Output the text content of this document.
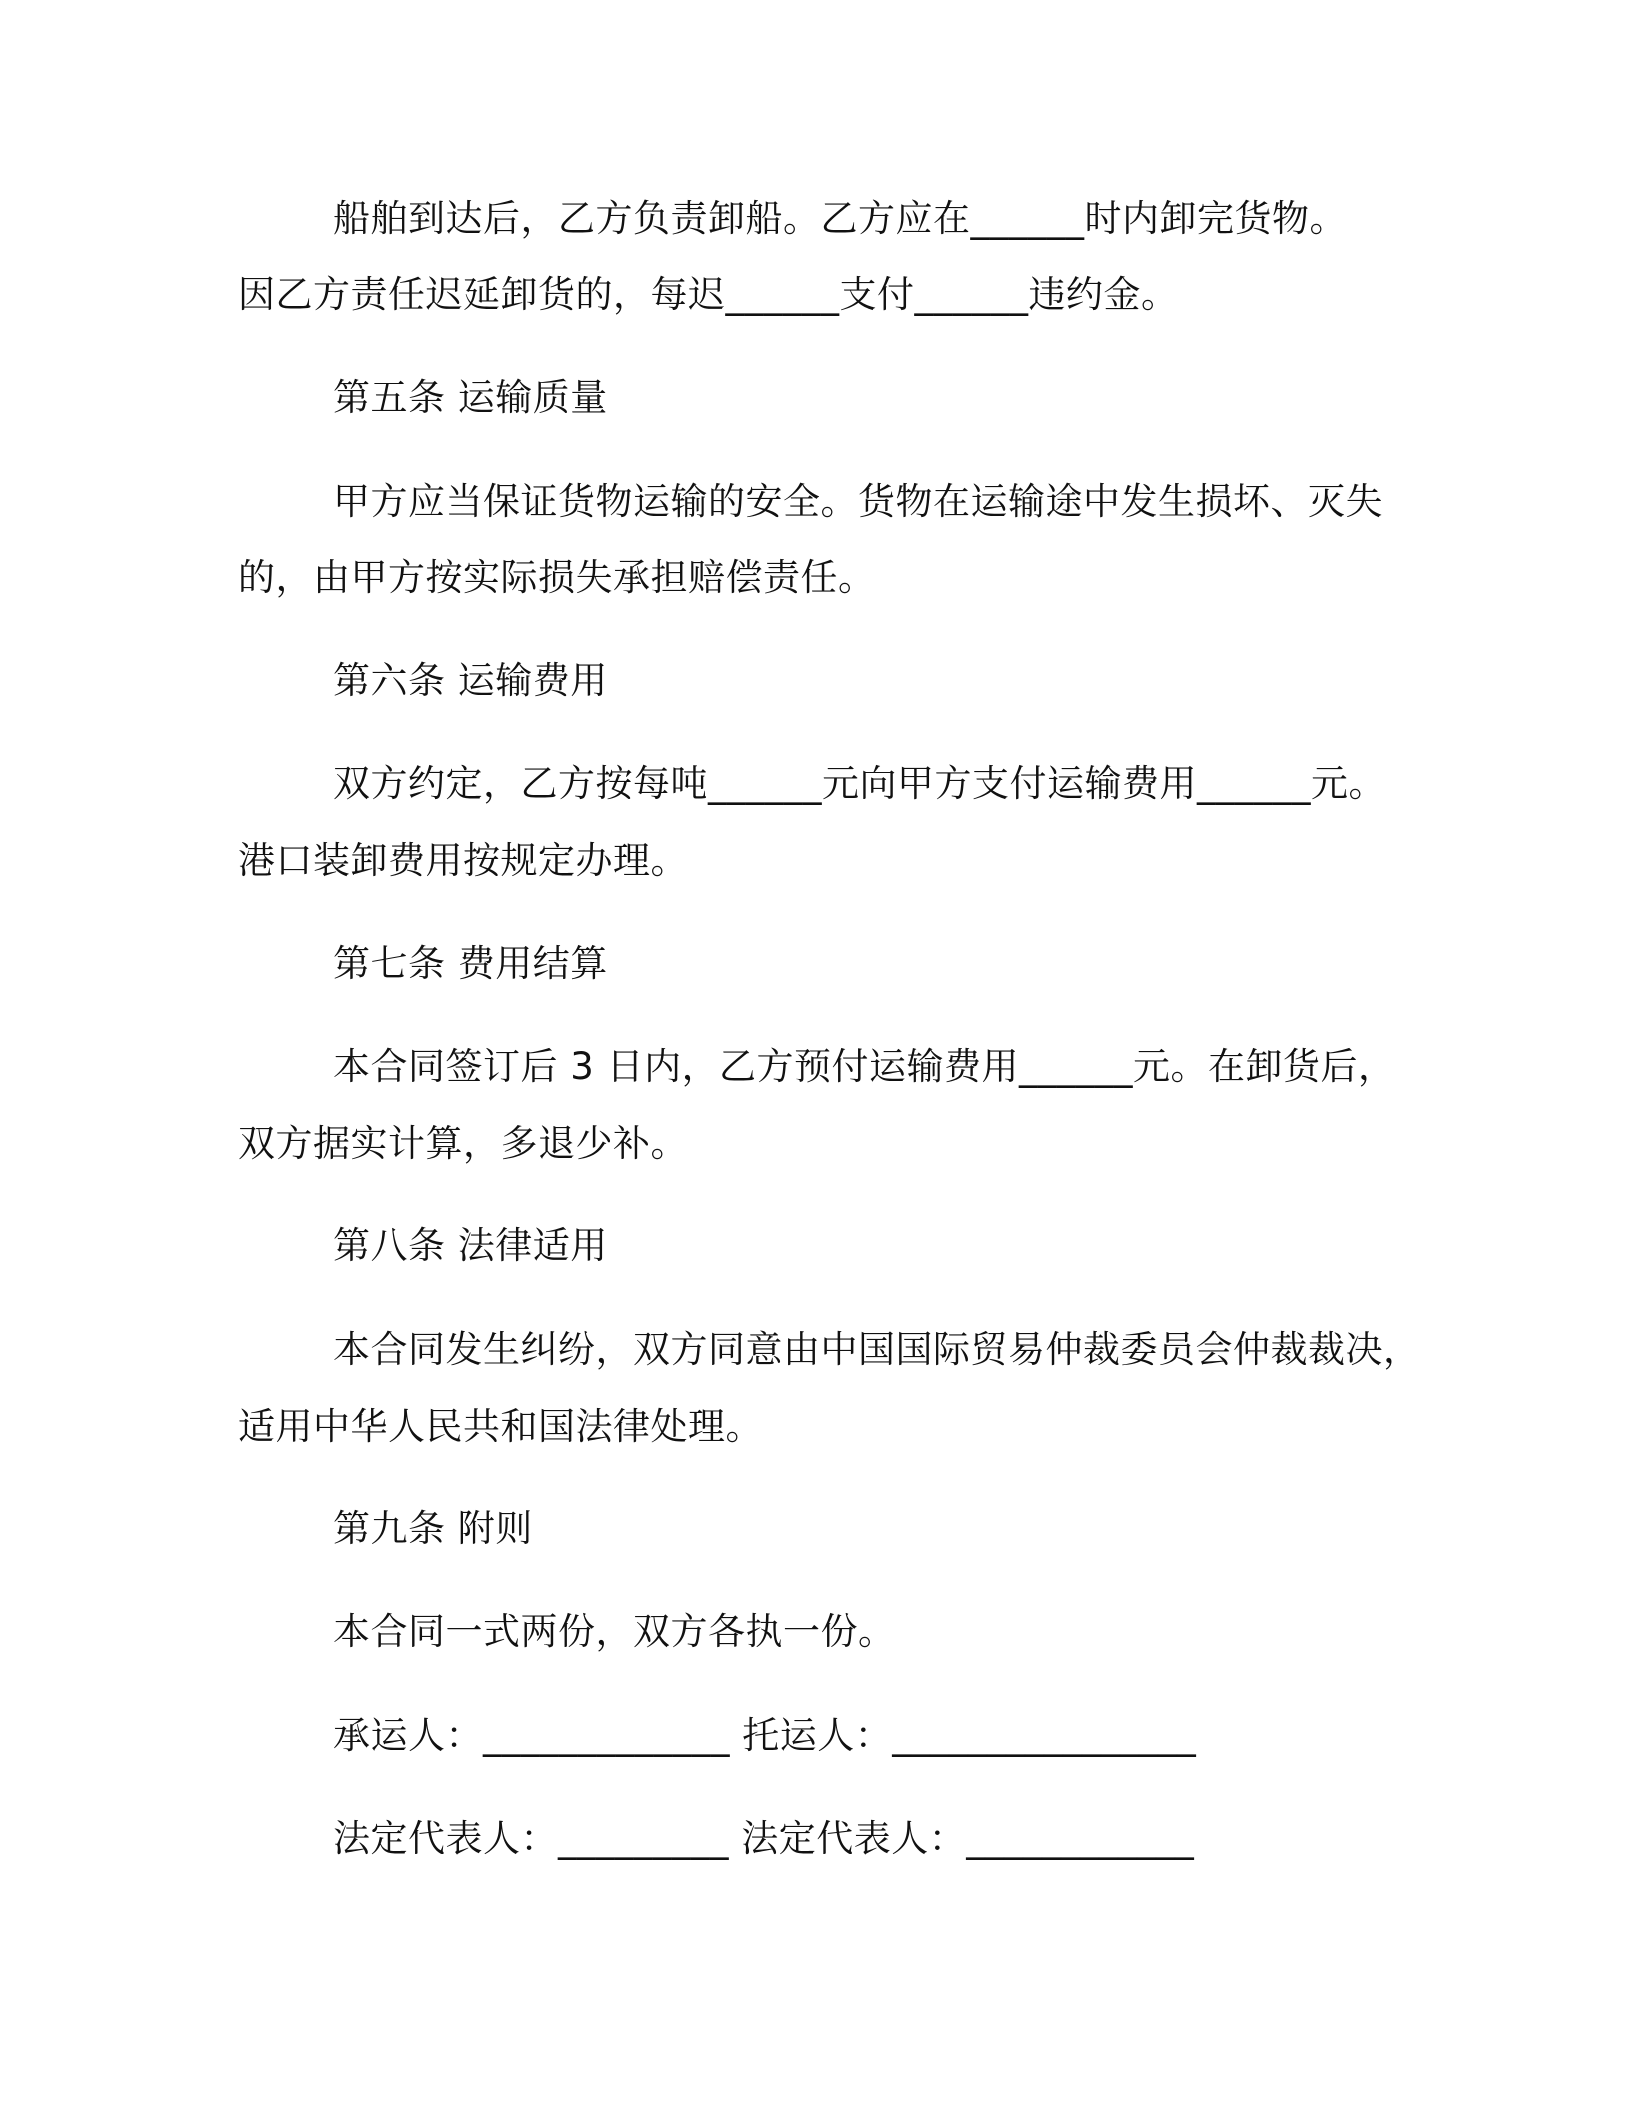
船舶到达后，乙方负责卸船。乙方应在______时内卸完货物。
因乙方责任迟延卸货的，每迟______支付______违约金。
第五条 运输质量
甲方应当保证货物运输的安全。货物在运输途中发生损坏、灭失
的，由甲方按实际损失承担赔偿责任。
第六条 运输费用
双方约定，乙方按每吨______元向甲方支付运输费用______元。
港口装卸费用按规定办理。
第七条 费用结算
本合同签订后 3 日内，乙方预付运输费用______元。在卸货后，
双方据实计算，多退少补。
第八条 法律适用
本合同发生纠纷，双方同意由中国国际贸易仲裁委员会仲裁裁决，
适用中华人民共和国法律处理。
第九条 附则
本合同一式两份，双方各执一份。
承运人：_____________ 托运人：________________
法定代表人：_________ 法定代表人：____________
